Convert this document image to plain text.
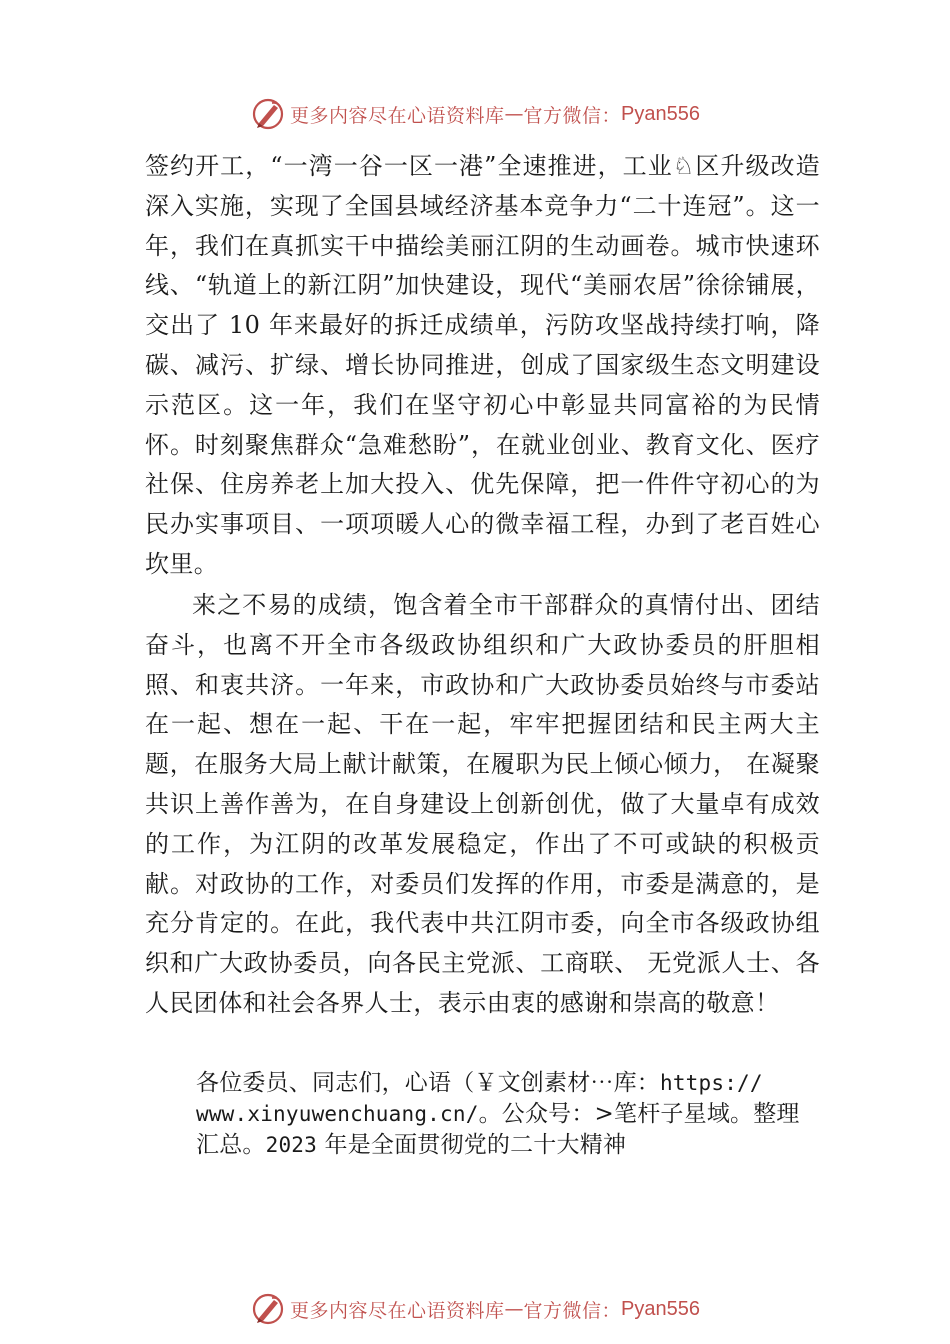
更多内容尽在心语资料库 — 官方微信： Pyan556

签约开工，“一湾一谷一区一港”全速推进，工业♘区升级改造深入实施，实现了全国县域经济基本竞争力“二十连冠”。这一年，我们在真抓实干中描绘美丽江阴的生动画卷。城市快速环线、“轨道上的新江阴”加快建设，现代“美丽农居”徐徐铺展，交出了 10 年来最好的拆迁成绩单，污防攻坚战持续打响，降碳、减污、扩绿、增长协同推进，创成了国家级生态文明建设示范区。这一年，我们在坚守初心中彰显共同富裕的为民情怀。时刻聚焦群众“急难愁盼”，在就业创业、教育文化、医疗社保、住房养老上加大投入、优先保障，把一件件守初心的为民办实事项目、一项项暖人心的微幸福工程，办到了老百姓心坎里。

来之不易的成绩，饱含着全市干部群众的真情付出、团结奋斗，也离不开全市各级政协组织和广大政协委员的肝胆相照、和衷共济。一年来，市政协和广大政协委员始终与市委站在一起、想在一起、干在一起，牢牢把握团结和民主两大主题，在服务大局上献计献策，在履职为民上倾心倾力， 在凝聚共识上善作善为，在自身建设上创新创优，做了大量卓有成效的工作，为江阴的改革发展稳定，作出了不可或缺的积极贡献。对政协的工作，对委员们发挥的作用，市委是满意的，是充分肯定的。在此，我代表中共江阴市委，向全市各级政协组织和广大政协委员，向各民主党派、工商联、 无党派人士、各人民团体和社会各界人士，表示由衷的感谢和崇高的敬意！

各位委员、同志们，心语（￥文创素材⋯库：https://
www.xinyuwenchuang.cn/。公众号：>笔杆子星域。整理
汇总。2023 年是全面贯彻党的二十大精神

更多内容尽在心语资料库 — 官方微信： Pyan556
